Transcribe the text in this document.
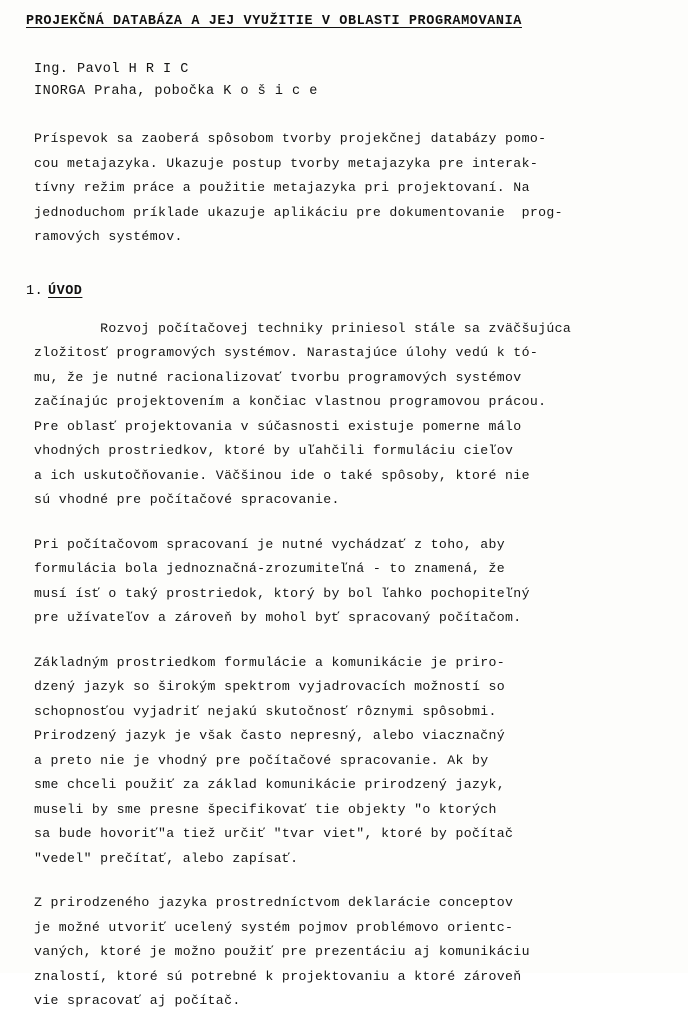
PROJEKČNÁ DATABÁZA A JEJ VYUŽITIE V OBLASTI PROGRAMOVANIA
Ing. Pavol H R I C
INORGA Praha, pobočka K o š i c e
Príspevok sa zaoberá spôsobom tvorby projekčnej databázy pomo-
cou metajazyka. Ukazuje postup tvorby metajazyka pre interak-
tívny režim práce a použitie metajazyka pri projektovaní. Na
jednoduchom príklade ukazuje aplikáciu pre dokumentovanie  prog-
ramových systémov.
1. ÚVOD
Rozvoj počítačovej techniky priniesol stále sa zväčšujúca
zložitosť programových systémov. Narastajúce úlohy vedú k tó-
mu, že je nutné racionalizovať tvorbu programových systémov
začínajúc projektovením a končiac vlastnou programovou prácou.
Pre oblasť projektovania v súčasnosti existuje pomerne málo
vhodných prostriedkov, ktoré by uľahčili formuláciu cieľov
a ich uskutočňovanie. Väčšinou ide o také spôsoby, ktoré nie
sú vhodné pre počítačové spracovanie.
Pri počítačovom spracovaní je nutné vychádzať z toho, aby
formulácia bola jednoznačná-zrozumiteľná - to znamená, že
musí ísť o taký prostriedok, ktorý by bol ľahko pochopiteľný
pre užívateľov a zároveň by mohol byť spracovaný počítačom.
Základným prostriedkom formulácie a komunikácie je priro-
dzený jazyk so širokým spektrom vyjadrovacích možností so
schopnosťou vyjadriť nejakú skutočnosť rôznymi spôsobmi.
Prirodzený jazyk je však často nepresný, alebo viacznačný
a preto nie je vhodný pre počítačové spracovanie. Ak by
sme chceli použiť za základ komunikácie prirodzený jazyk,
museli by sme presne špecifikovať tie objekty "o ktorých
sa bude hovoriť"a tiež určiť "tvar viet", ktoré by počítač
"vedel" prečítať, alebo zapísať.
Z prirodzeného jazyka prostredníctvom deklarácie conceptov
je možné utvoriť ucelený systém pojmov problémovo orientc-
vaných, ktoré je možno použiť pre prezentáciu aj komunikáciu
znalostí, ktoré sú potrebné k projektovaniu a ktoré zároveň
vie spracovať aj počítač.
